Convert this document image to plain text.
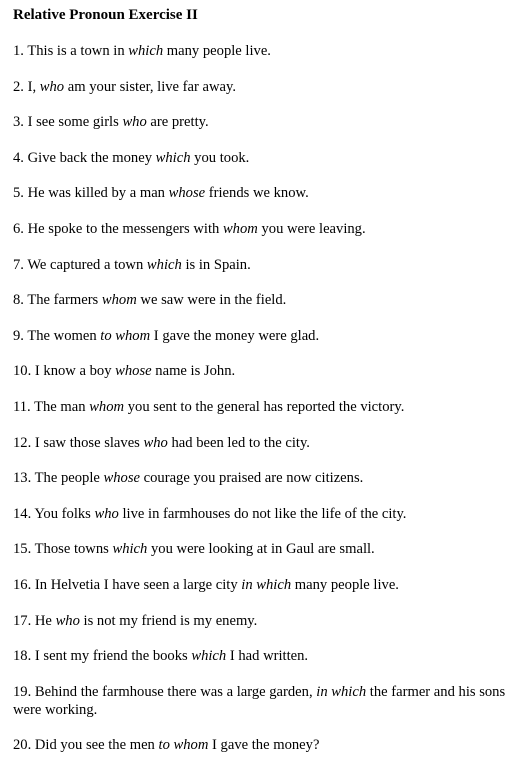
Relative Pronoun Exercise II
1. This is a town in which many people live.
2. I, who am your sister, live far away.
3. I see some girls who are pretty.
4. Give back the money which you took.
5. He was killed by a man whose friends we know.
6. He spoke to the messengers with whom you were leaving.
7. We captured a town which is in Spain.
8. The farmers whom we saw were in the field.
9. The women to whom I gave the money were glad.
10. I know a boy whose name is John.
11. The man whom you sent to the general has reported the victory.
12. I saw those slaves who had been led to the city.
13. The people whose courage you praised are now citizens.
14. You folks who live in farmhouses do not like the life of the city.
15. Those towns which you were looking at in Gaul are small.
16. In Helvetia I have seen a large city in which many people live.
17. He who is not my friend is my enemy.
18. I sent my friend the books which I had written.
19. Behind the farmhouse there was a large garden, in which the farmer and his sons were working.
20. Did you see the men to whom I gave the money?
